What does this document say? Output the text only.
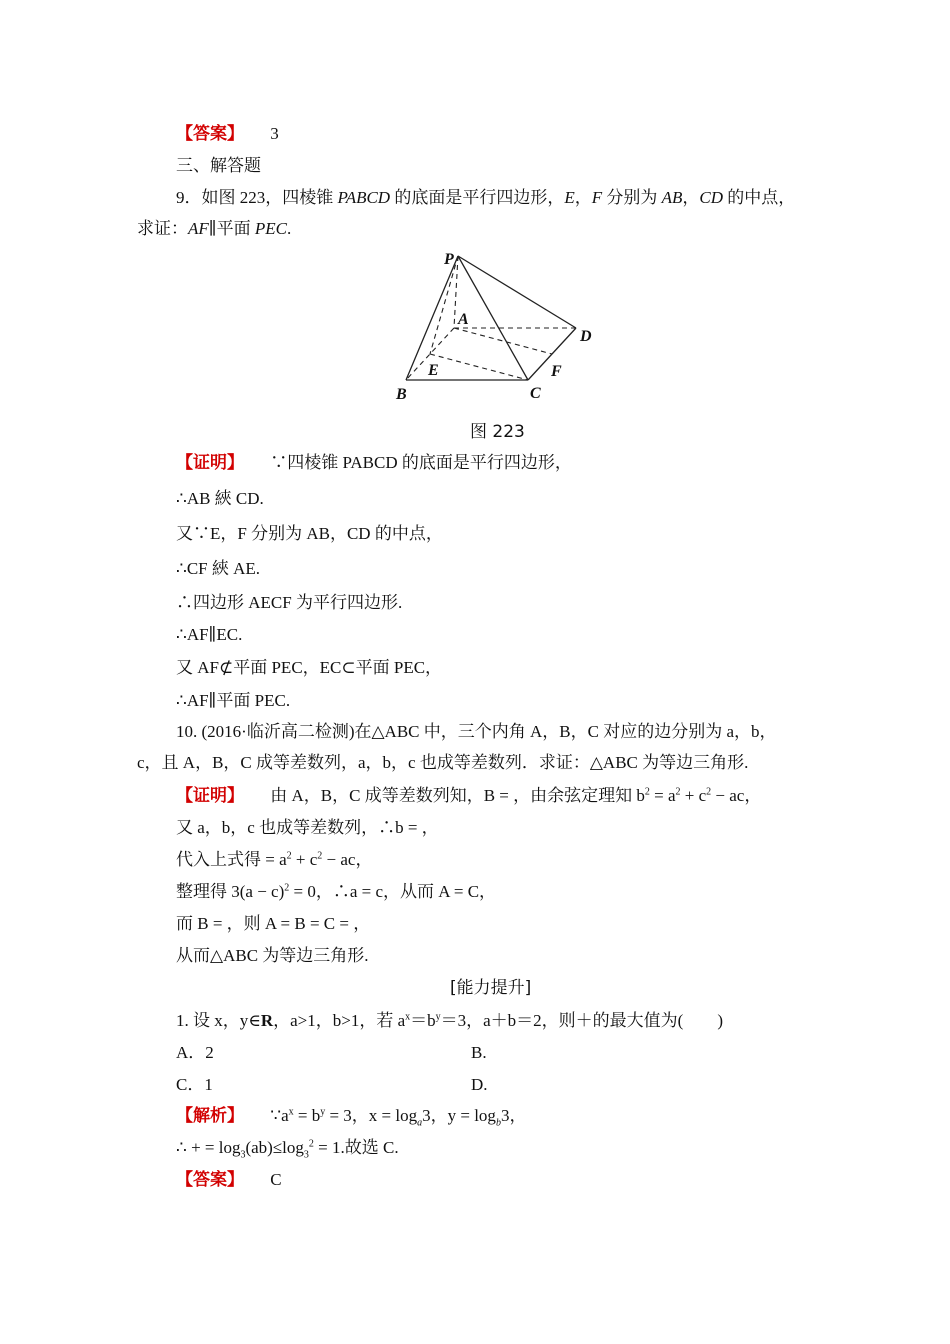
【答案】 3
三、解答题
9．如图 223，四棱锥 PABCD 的底面是平行四边形，E，F 分别为 AB，CD 的中点，
求证：AF∥平面 PEC.
P
A
D
E	F
B	C
图 223
【证明】 ∵四棱锥 PABCD 的底面是平行四边形，
∴AB 綊 CD.
又∵E，F 分别为 AB，CD 的中点，
∴CF 綊 AE.
∴四边形 AECF 为平行四边形.
∴AF∥EC.
又 AF⊄平面 PEC，EC⊂平面 PEC，
∴AF∥平面 PEC.
10. (2016·临沂高二检测)在△ABC 中，三个内角 A，B，C 对应的边分别为 a，b，
c，且 A，B，C 成等差数列，a，b，c 也成等差数列．求证：△ABC 为等边三角形.
【证明】 由 A，B，C 成等差数列知，B = ，由余弦定理知 $b^2 = a^2 + c^2$ − ac，
又 a，b，c 也成等差数列，∴b = ，
代入上式得 = $a^2 + c^2$ − ac，
整理得 $3(a - c)^2 = 0$，∴a = c，从而 A = C，
而 B = ，则 A = B = C = ，
从而△ABC 为等边三角形.
[能力提升]
1. 设 x，y∈R，a>1，b>1，若 $a^x=b^y=3$，a＋b＝2，则＋的最大值为(　　)
A．2	B.
C．1	D.
【解析】 $\because a^x = b^y = 3$，$x = \log_a3$，$y = \log_b3$，
∴ + = $\log_3(ab)\le\log_3^2 = 1$.故选 C.
【答案】 C
